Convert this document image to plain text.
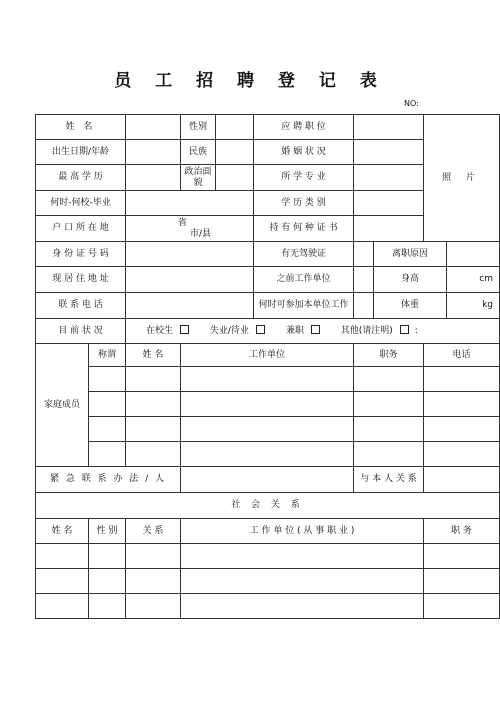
员 工 招 聘 登 记 表
NO:
姓 名			性别		应 聘 职 位			照 片	
出生日期/年龄			民族		婚 姻 状 况				
最 高 学 历			政治面貌		所 学 专 业				
何时-何校-毕业					学 历 类 别				
户 口 所 在 地		省市/县			持 有 何 种 证 书				
身 份 证 号 码					有无驾驶证		离职原因		
现 居 住 地 址					之前工作单位		身高		cm
联 系 电 话					何时可参加本单位工作		体重		kg
目 前 状 况		在校生 失业/待业 兼职 其他(请注明) :							
家庭成员	称谓	姓 名	工作单位			职务		电话	

紧 急 联 系 办 法 / 人						与 本 人 关 系			
社 会 关 系									
姓 名	性 别	关 系	工 作 单 位 ( 从 事 职 业 )					职 务	
